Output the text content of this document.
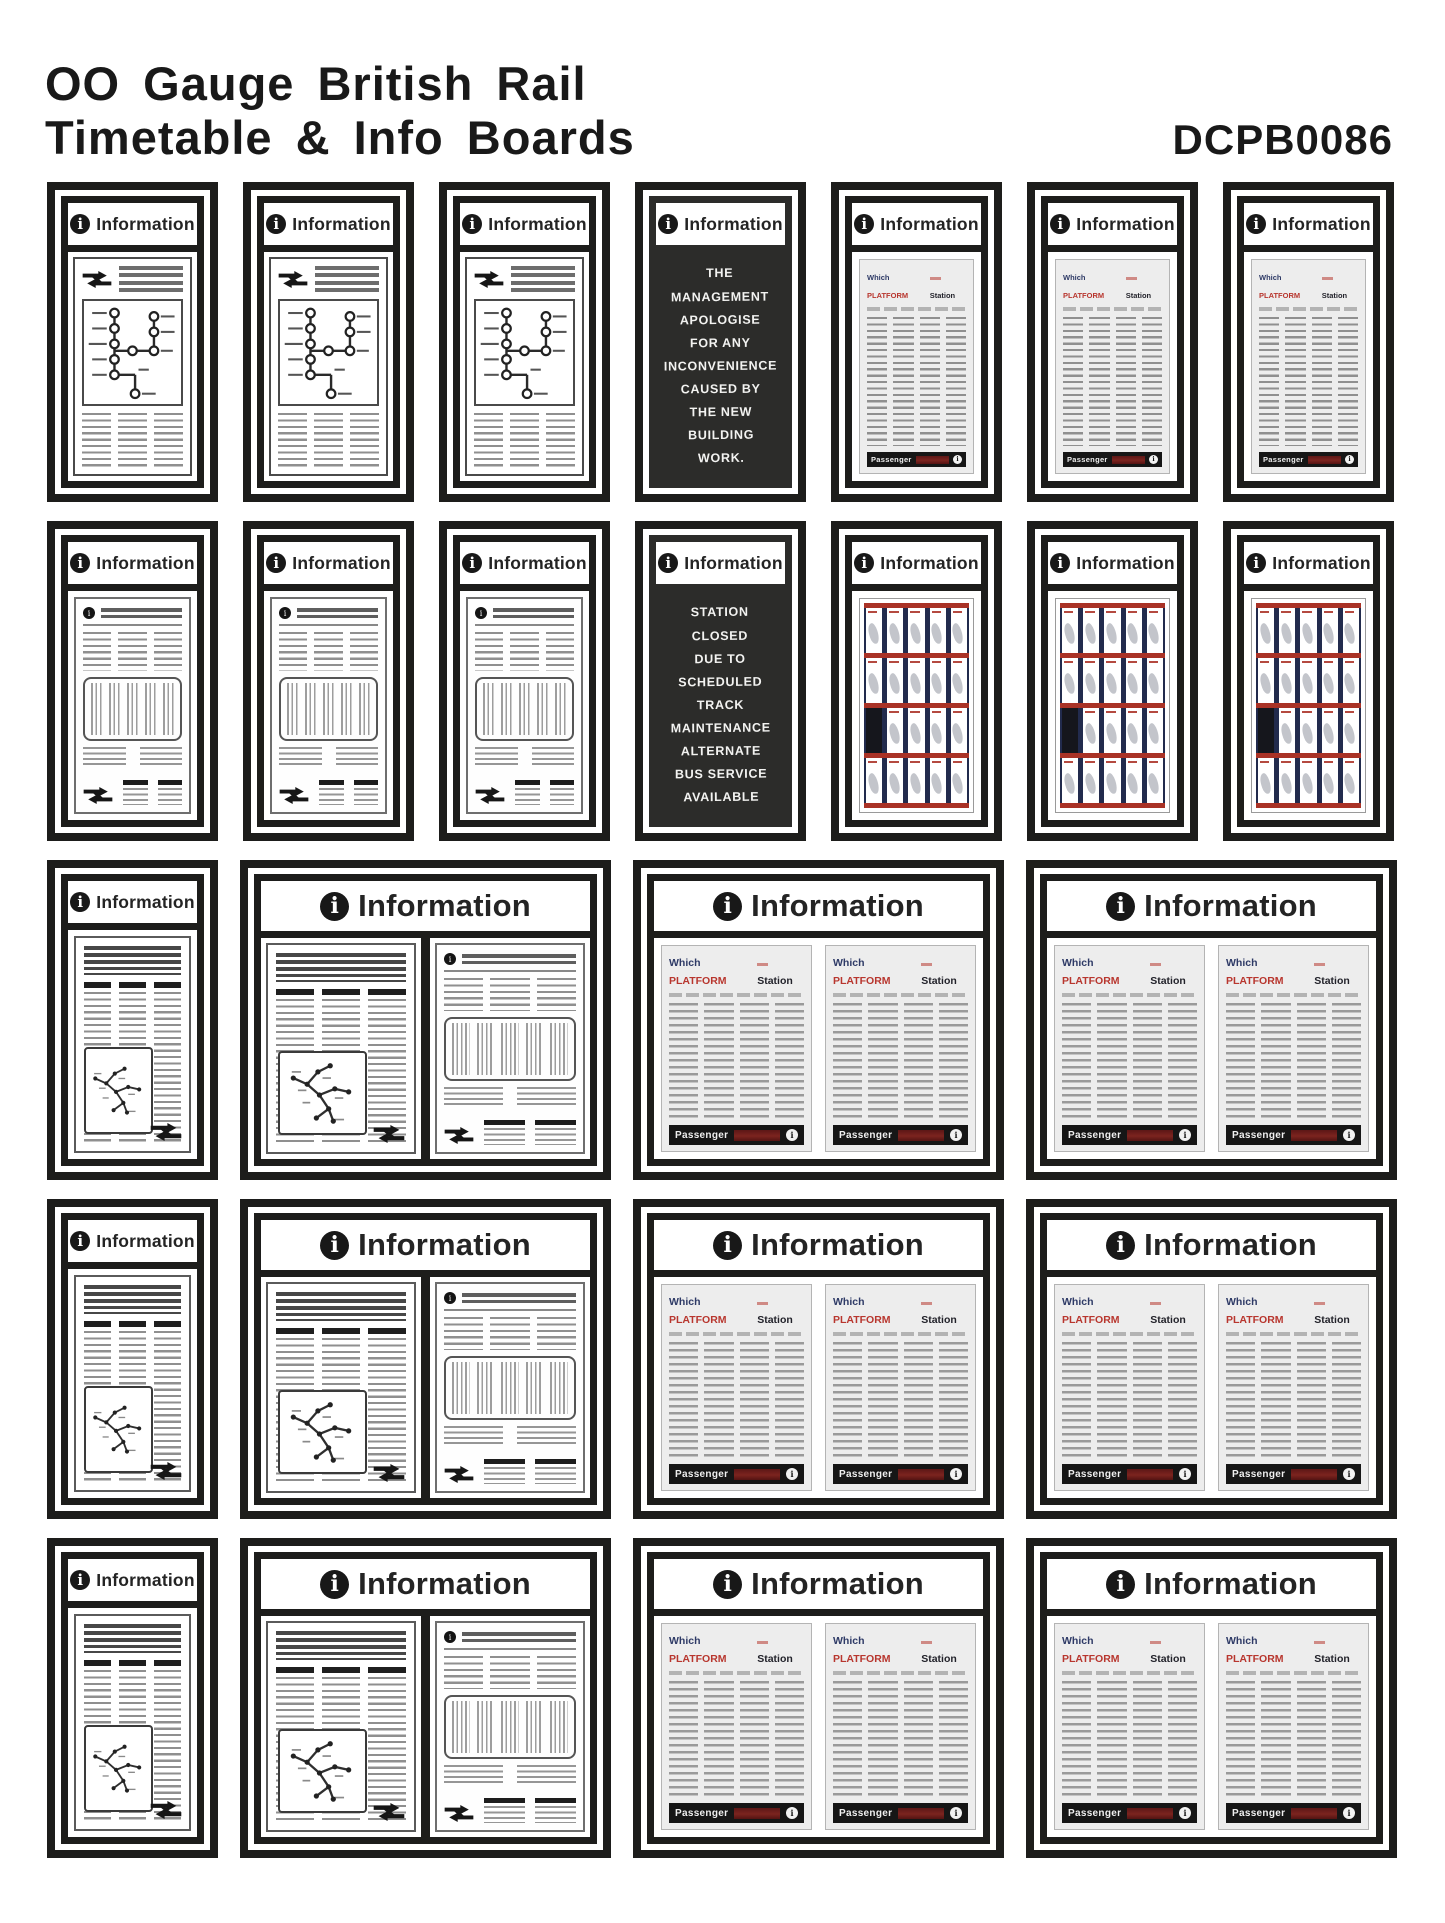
OO Gauge British Rail
Timetable & Info Boards	DCPB0086
i Information	i Information	i Information	i Information
THE
MANAGEMENT
APOLOGISE
FOR ANY
INCONVENIENCE
CAUSED BY
THE NEW
BUILDING
WORK.
i Information
Which PLATFORM	Station
Passenger	i
i Information
Which PLATFORM	Station
Passenger	i
i Information
Which PLATFORM	Station
Passenger	i
i Information
i
i Information
i
i Information
i
i Information
STATION
CLOSED
DUE TO
SCHEDULED
TRACK
MAINTENANCE
ALTERNATE
BUS SERVICE
AVAILABLE
i Information	i Information	i Information
i Information	i Information
i
i Information
Which PLATFORM	Station
Passenger	i
Which PLATFORM	Station
Passenger	i
i Information
Which PLATFORM	Station
Passenger	i
Which PLATFORM	Station
Passenger	i
i Information	i Information
i
i Information
Which PLATFORM	Station
Passenger	i
Which PLATFORM	Station
Passenger	i
i Information
Which PLATFORM	Station
Passenger	i
Which PLATFORM	Station
Passenger	i
i Information	i Information
i
i Information
Which PLATFORM	Station
Passenger	i
Which PLATFORM	Station
Passenger	i
i Information
Which PLATFORM	Station
Passenger	i
Which PLATFORM	Station
Passenger	i
